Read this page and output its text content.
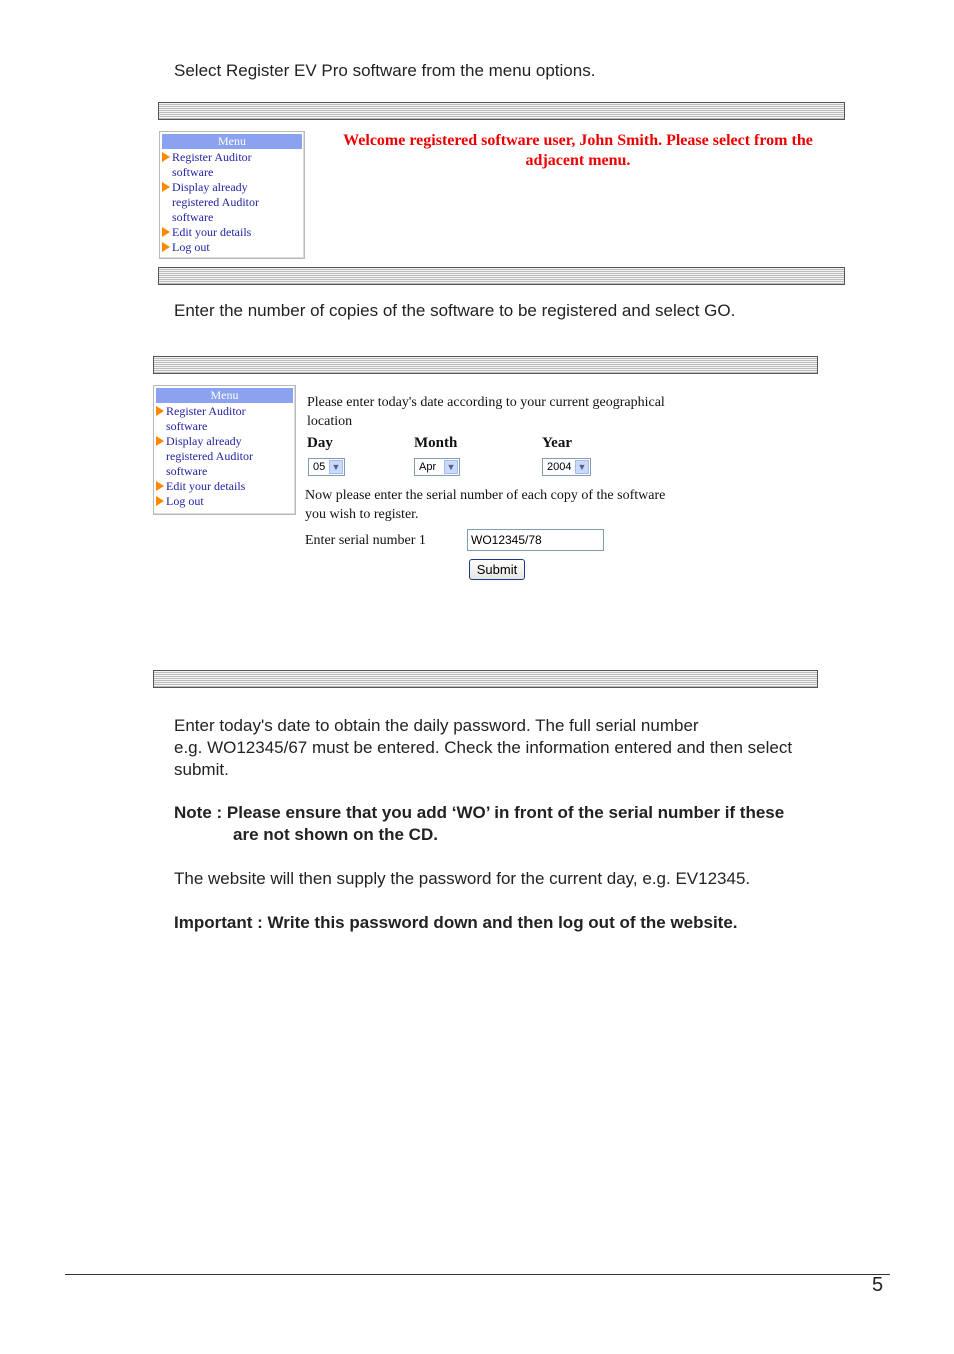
Select Register EV Pro software from the menu options.
Menu
Register Auditor
software
Display already
registered Auditor
software
Edit your details
Log out
Welcome registered software user, John Smith. Please select from the adjacent menu.
Enter the number of copies of the software to be registered and select GO.
Menu
Register Auditor
software
Display already
registered Auditor
software
Edit your details
Log out
Please enter today's date according to your current geographical
location
Day	Month	Year
05 ▼	Apr ▼	2004 ▼
Now please enter the serial number of each copy of the software
you wish to register.
Enter serial number 1	WO12345/78
Submit
Enter today's date to obtain the daily password. The full serial number
e.g. WO12345/67 must be entered. Check the information entered and then select
submit.
Note : Please ensure that you add ‘WO’ in front of the serial number if these
are not shown on the CD.
The website will then supply the password for the current day, e.g. EV12345.
Important : Write this password down and then log out of the website.
5
